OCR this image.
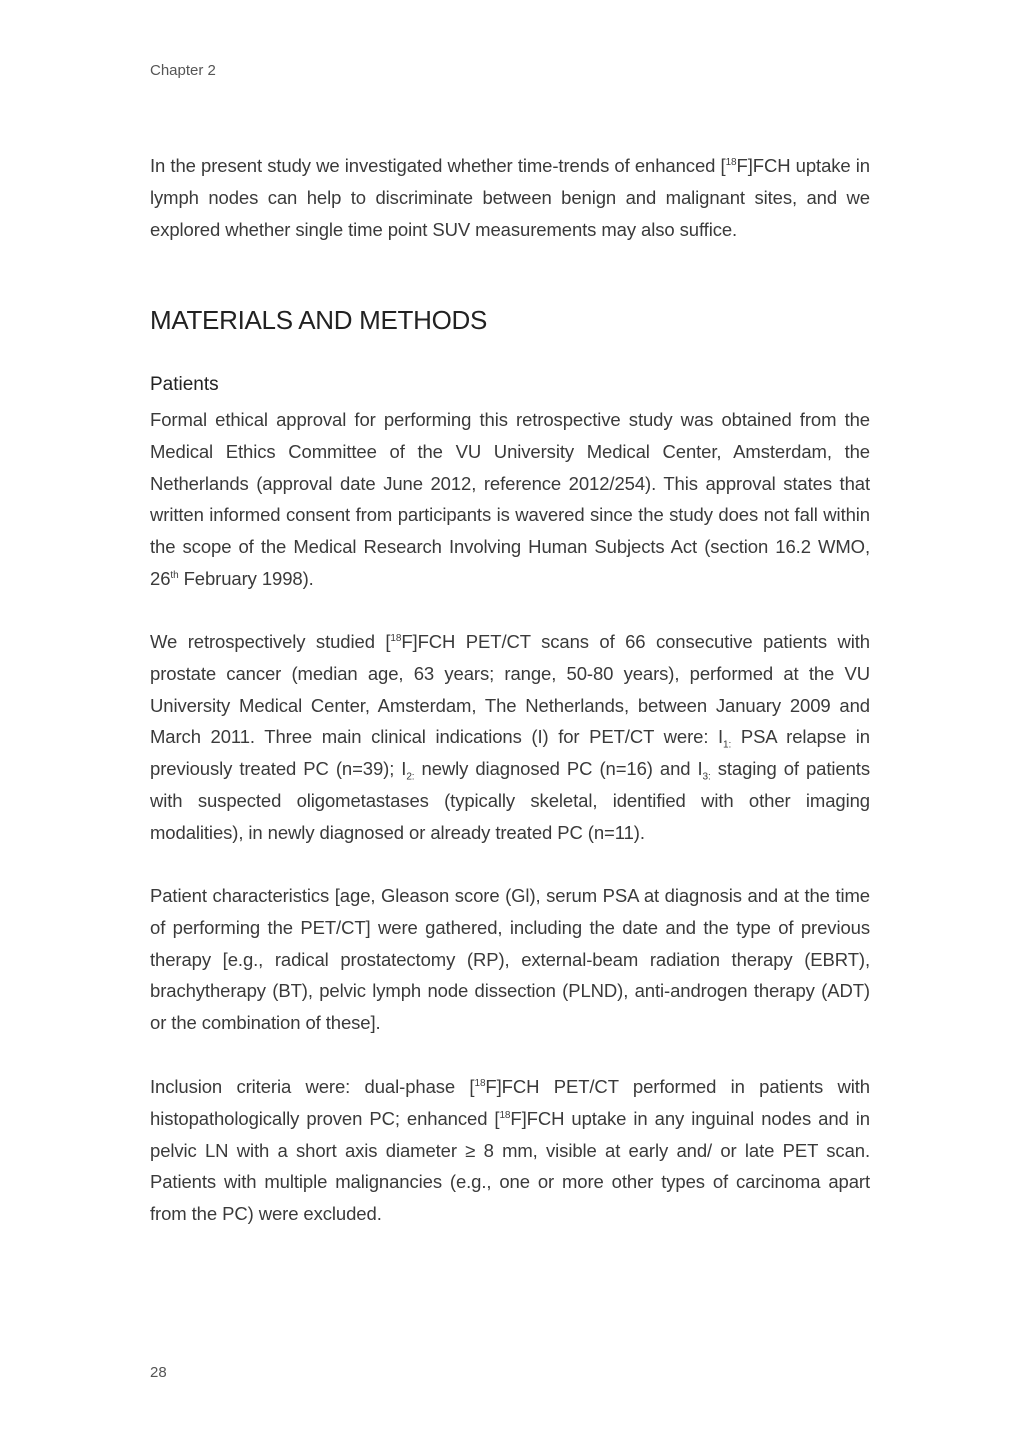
Chapter 2

In the present study we investigated whether time-trends of enhanced [$^{18}$F]FCH uptake in lymph nodes can help to discriminate between benign and malignant sites, and we explored whether single time point SUV measurements may also suffice.

MATERIALS AND METHODS
Patients

Formal ethical approval for performing this retrospective study was obtained from the Medical Ethics Committee of the VU University Medical Center, Amsterdam, the Netherlands (approval date June 2012, reference 2012/254). This approval states that written informed consent from participants is wavered since the study does not fall within the scope of the Medical Research Involving Human Subjects Act (section 16.2 WMO, 26th February 1998).

We retrospectively studied [$^{18}$F]FCH PET/CT scans of 66 consecutive patients with prostate cancer (median age, 63 years; range, 50-80 years), performed at the VU University Medical Center, Amsterdam, The Netherlands, between January 2009 and March 2011. Three main clinical indications (I) for PET/CT were: $I_{1:}$ PSA relapse in previously treated PC (n=39); $I_{2:}$ newly diagnosed PC (n=16) and $I_{3:}$ staging of patients with suspected oligometastases (typically skeletal, identified with other imaging modalities), in newly diagnosed or already treated PC (n=11).

Patient characteristics [age, Gleason score (Gl), serum PSA at diagnosis and at the time of performing the PET/CT] were gathered, including the date and the type of previous therapy [e.g., radical prostatectomy (RP), external-beam radiation therapy (EBRT), brachytherapy (BT), pelvic lymph node dissection (PLND), anti-androgen therapy (ADT) or the combination of these].

Inclusion criteria were: dual-phase [$^{18}$F]FCH PET/CT performed in patients with histopathologically proven PC; enhanced [$^{18}$F]FCH uptake in any inguinal nodes and in pelvic LN with a short axis diameter ≥ 8 mm, visible at early and/ or late PET scan. Patients with multiple malignancies (e.g., one or more other types of carcinoma apart from the PC) were excluded.

28
